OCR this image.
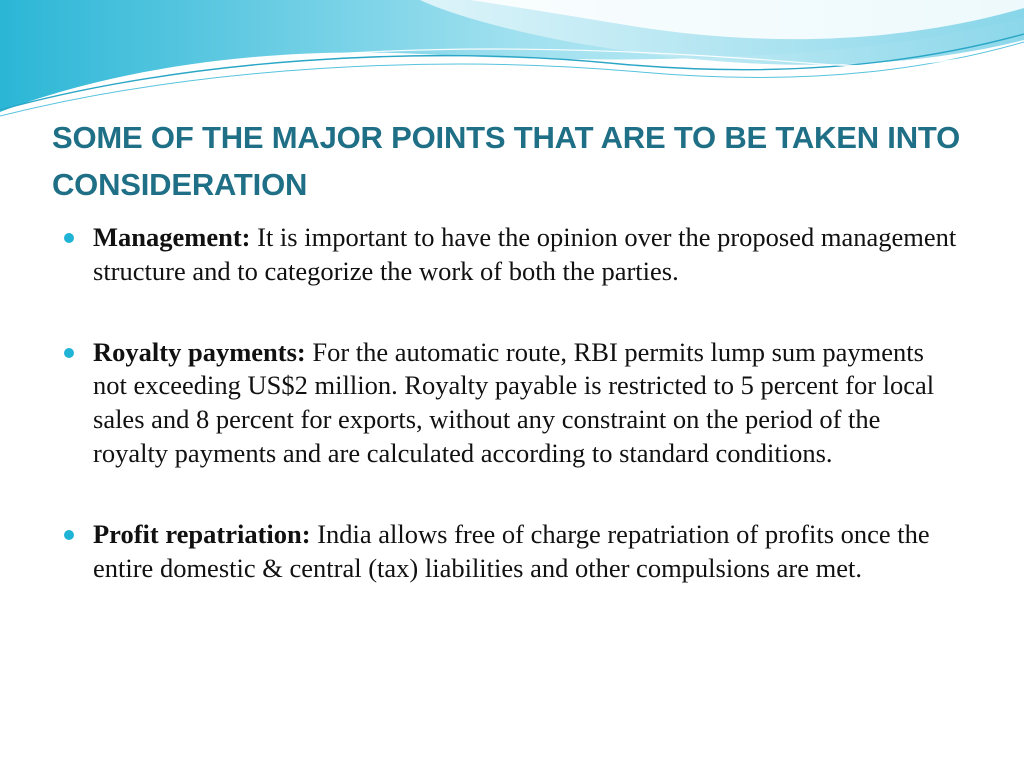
SOME OF THE MAJOR POINTS THAT ARE TO BE TAKEN INTO CONSIDERATION
Management: It is important to have the opinion over the proposed management structure and to categorize the work of both the parties.
Royalty payments: For the automatic route, RBI permits lump sum payments not exceeding US$2 million. Royalty payable is restricted to 5 percent for local sales and 8 percent for exports, without any constraint on the period of the royalty payments and are calculated according to standard conditions.
Profit repatriation: India allows free of charge repatriation of profits once the entire domestic & central (tax) liabilities and other compulsions are met.
